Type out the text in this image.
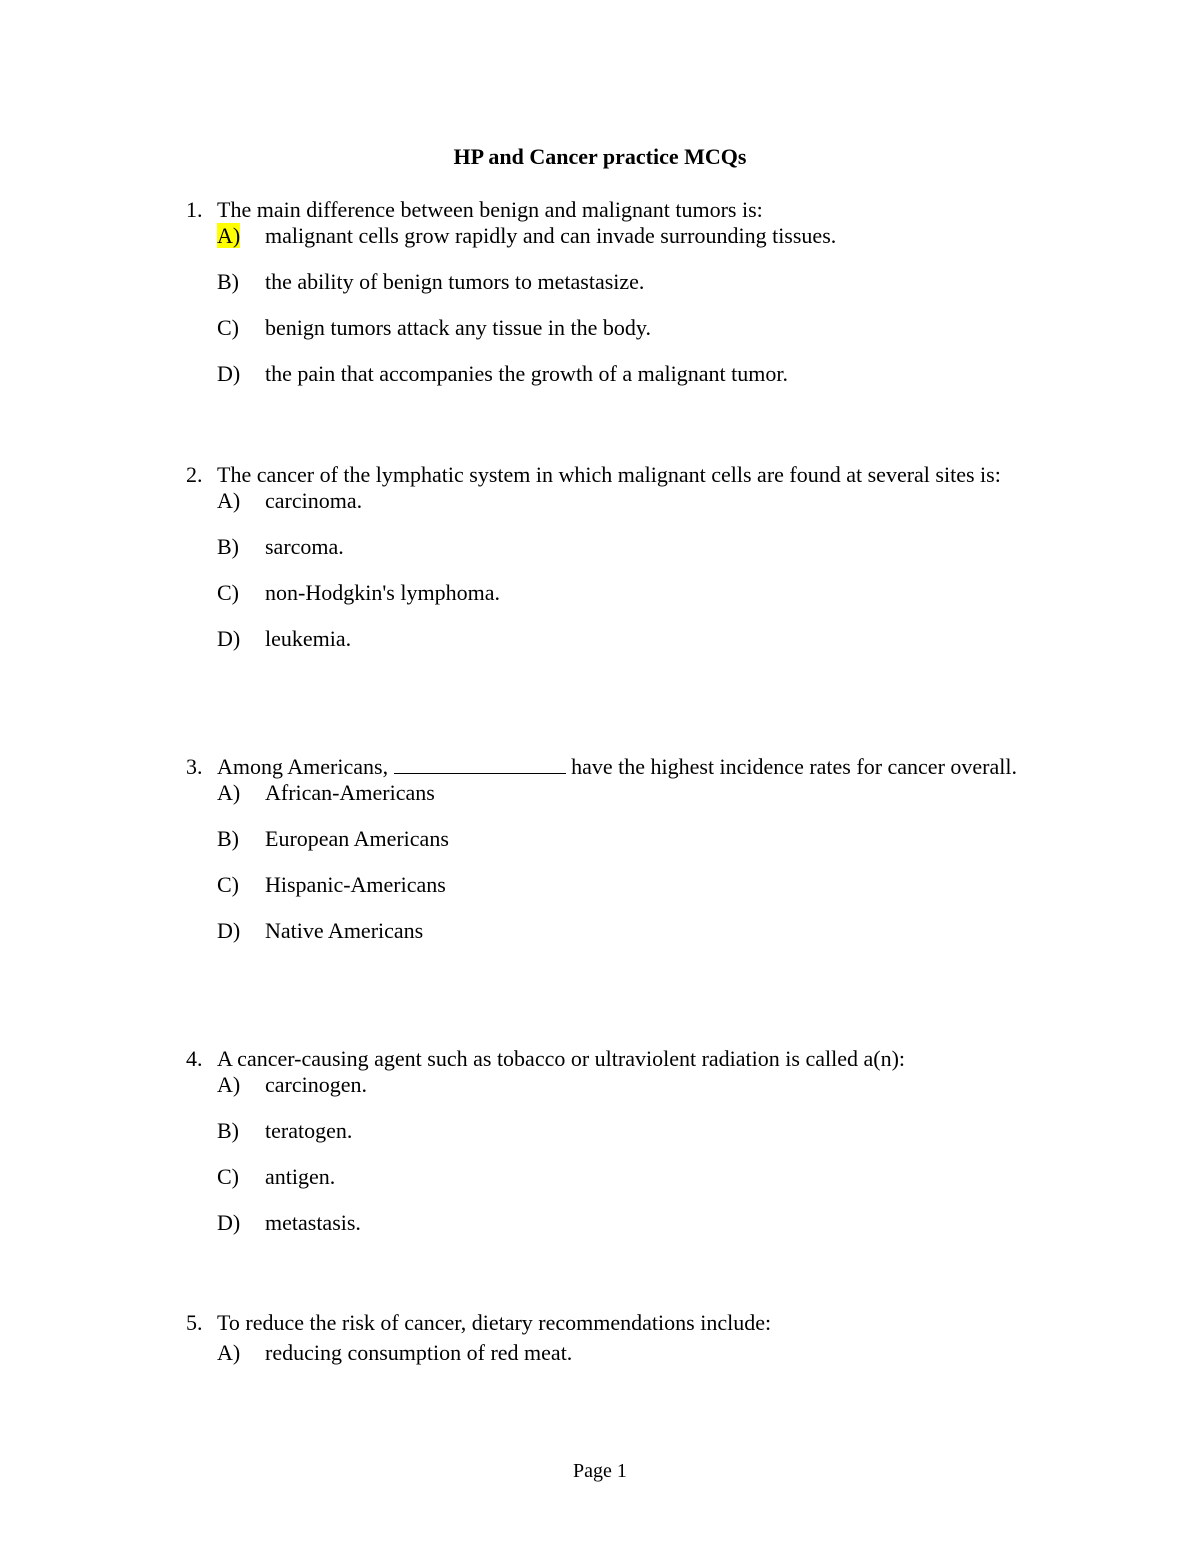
HP and Cancer practice MCQs
1. The main difference between benign and malignant tumors is:
A)	malignant cells grow rapidly and can invade surrounding tissues.
B)	the ability of benign tumors to metastasize.
C)	benign tumors attack any tissue in the body.
D)	the pain that accompanies the growth of a malignant tumor.
2. The cancer of the lymphatic system in which malignant cells are found at several sites is:
A)	carcinoma.
B)	sarcoma.
C)	non-Hodgkin's lymphoma.
D)	leukemia.
3. Among Americans,	have the highest incidence rates for cancer overall.
A)	African-Americans
B)	European Americans
C)	Hispanic-Americans
D)	Native Americans
4. A cancer-causing agent such as tobacco or ultraviolent radiation is called a(n):
A)	carcinogen.
B)	teratogen.
C)	antigen.
D)	metastasis.
5. To reduce the risk of cancer, dietary recommendations include:
A)	reducing consumption of red meat.
Page 1
